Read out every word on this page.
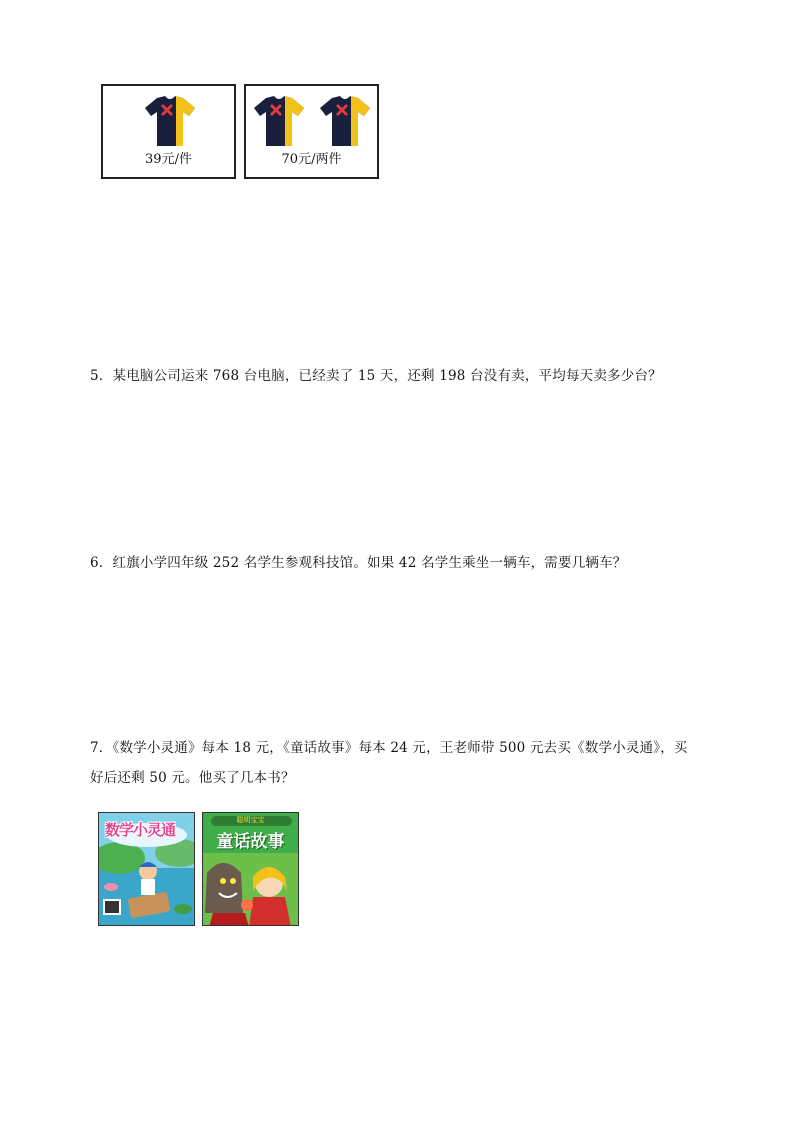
39元/件	70元/两件
5．某电脑公司运来 768 台电脑，已经卖了 15 天，还剩 198 台没有卖，平均每天卖多少台？
6．红旗小学四年级 252 名学生参观科技馆。如果 42 名学生乘坐一辆车，需要几辆车？
7．《数学小灵通》每本 18 元，《童话故事》每本 24 元，王老师带 500 元去买《数学小灵通》，买
好后还剩 50 元。他买了几本书？
数学小灵通
聪明宝宝
童话故事
